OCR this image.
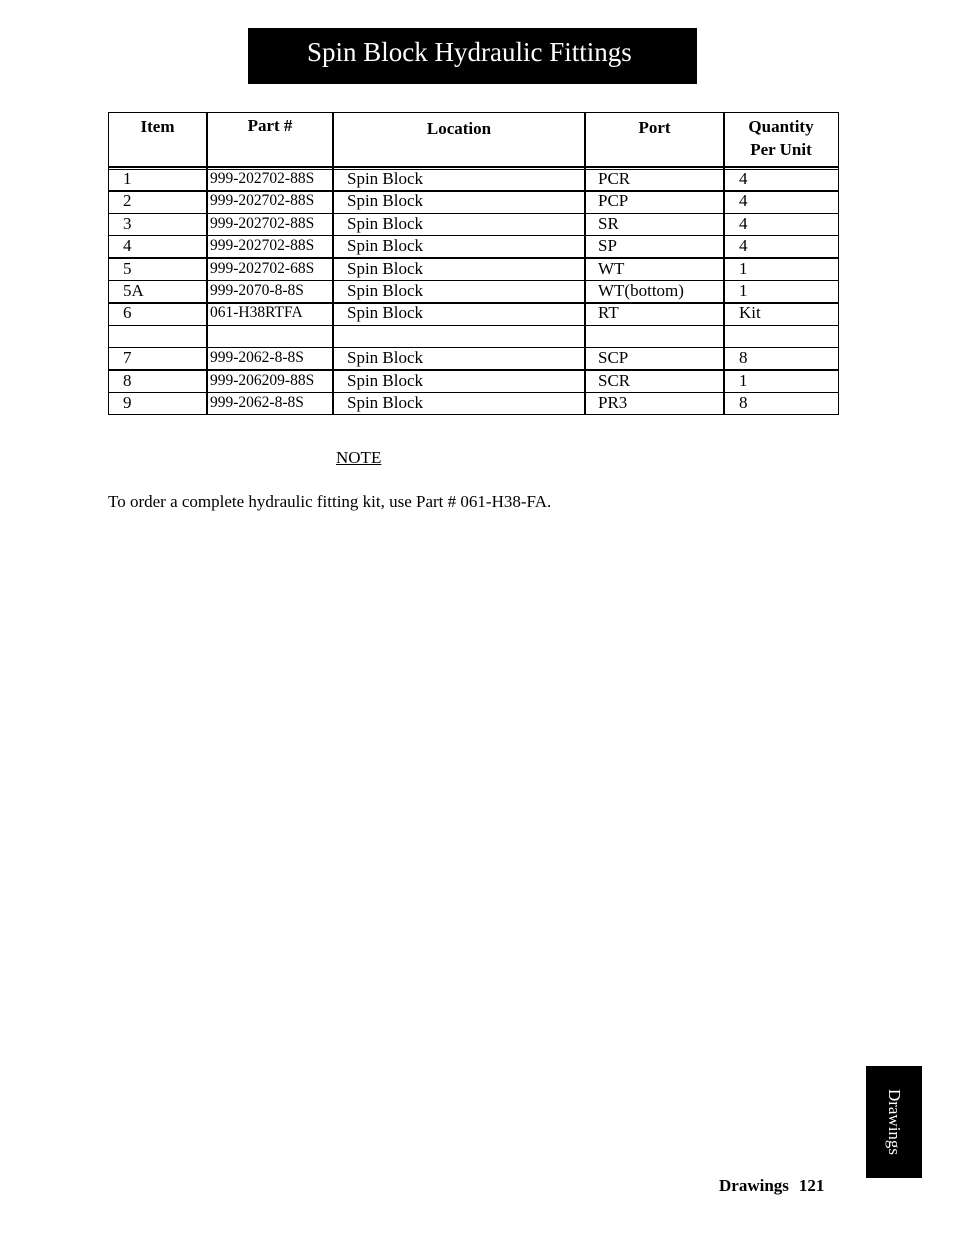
Spin Block Hydraulic Fittings
Item	Part #	Location	Port	Quantity
Per Unit
1	999-202702-88S Spin Block	PCR	4
2	999-202702-88S Spin Block	PCP	4
3	999-202702-88S Spin Block	SR	4
4	999-202702-88S Spin Block	SP	4
5	999-202702-68S Spin Block	WT	1
5A	999-2070-8-8S	Spin Block	WT(bottom)	1
6	061-H38RTFA	Spin Block	RT	Kit
7	999-2062-8-8S	Spin Block	SCP	8
8	999-206209-88S Spin Block	SCR	1
9	999-2062-8-8S	Spin Block	PR3	8
NOTE
To order a complete hydraulic fitting kit, use Part # 061-H38-FA.
Drawings
Drawings 121
